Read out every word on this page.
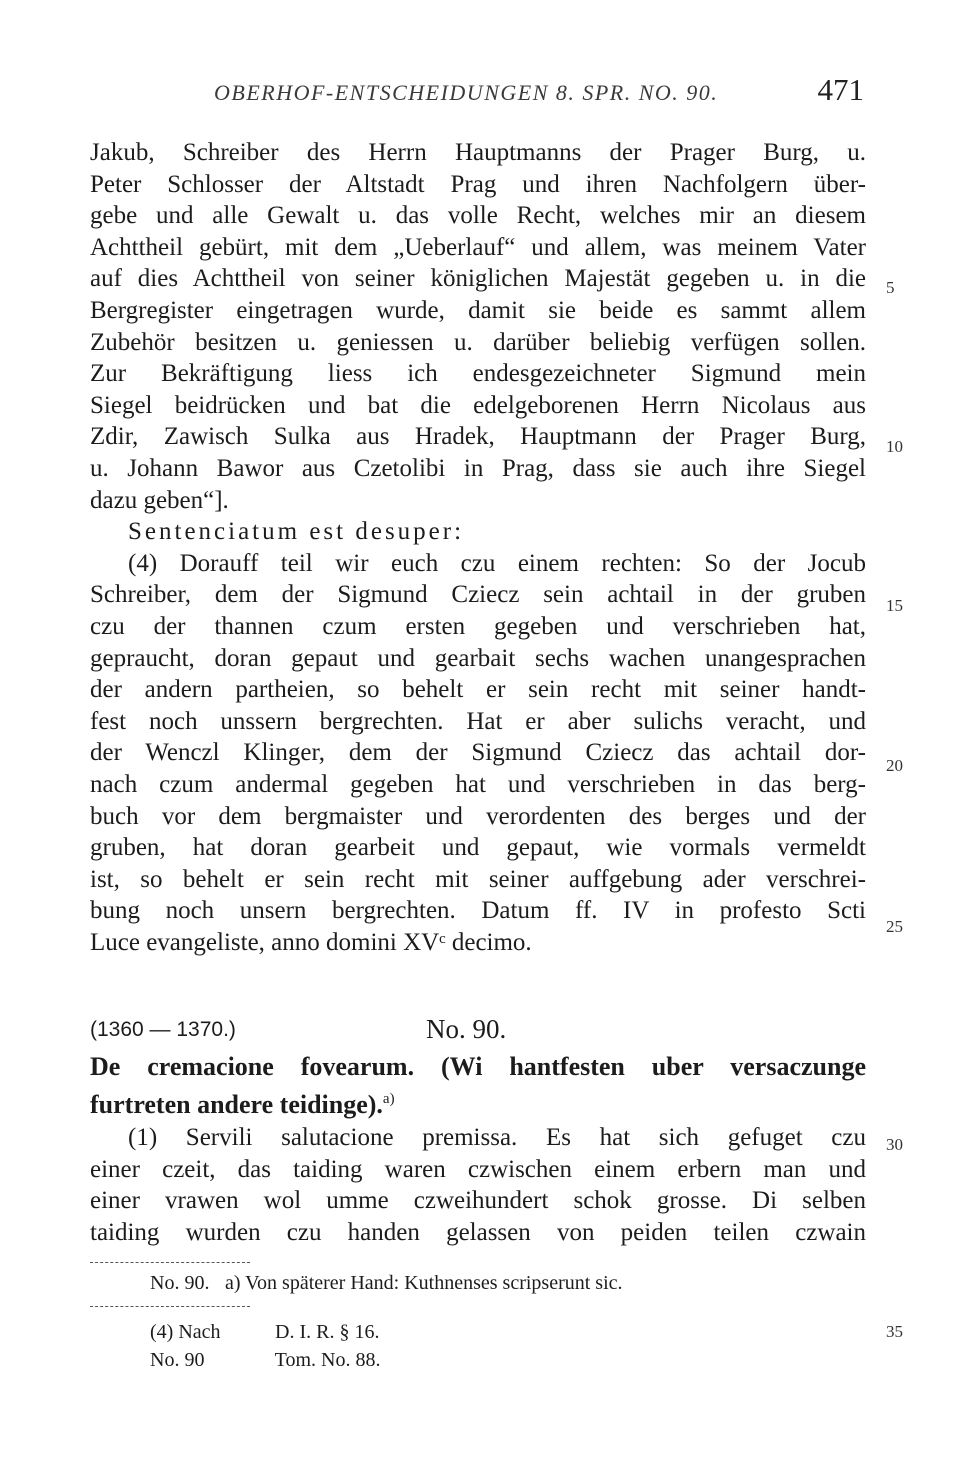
OBERHOF-ENTSCHEIDUNGEN 8. SPR. NO. 90.	471
Jakub, Schreiber des Herrn Hauptmanns der Prager Burg, u.
Peter Schlosser der Altstadt Prag und ihren Nachfolgern über-
gebe und alle Gewalt u. das volle Recht, welches mir an diesem
Achttheil gebürt, mit dem „Ueberlauf“ und allem, was meinem Vater
auf dies Achttheil von seiner königlichen Majestät gegeben u. in die
Bergregister eingetragen wurde, damit sie beide es sammt allem
Zubehör besitzen u. geniessen u. darüber beliebig verfügen sollen.
Zur Bekräftigung liess ich endesgezeichneter Sigmund mein
Siegel beidrücken und bat die edelgeborenen Herrn Nicolaus aus
Zdir, Zawisch Sulka aus Hradek, Hauptmann der Prager Burg,
u. Johann Bawor aus Czetolibi in Prag, dass sie auch ihre Siegel
dazu geben“].
Sentenciatum est desuper:
(4) Dorauff teil wir euch czu einem rechten: So der Jocub
Schreiber, dem der Sigmund Cziecz sein achtail in der gruben
czu der thannen czum ersten gegeben und verschrieben hat,
gepraucht, doran gepaut und gearbait sechs wachen unangesprachen
der andern partheien, so behelt er sein recht mit seiner handt-
fest noch unssern bergrechten. Hat er aber sulichs veracht, und
der Wenczl Klinger, dem der Sigmund Cziecz das achtail dor-
nach czum andermal gegeben hat und verschrieben in das berg-
buch vor dem bergmaister und verordenten des berges und der
gruben, hat doran gearbeit und gepaut, wie vormals vermeldt
ist, so behelt er sein recht mit seiner auffgebung ader verschrei-
bung noch unsern bergrechten. Datum ff. IV in profesto Scti
Luce evangeliste, anno domini XVᶜ decimo.
5
10
15
20
25
(1360 — 1370.)	No. 90.
De cremacione fovearum. (Wi hantfesten uber versaczunge
furtreten andere teidinge).$^{a)}$
(1) Servili salutacione premissa. Es hat sich gefuget czu
einer czeit, das taiding waren czwischen einem erbern man und
einer vrawen wol umme czweihundert schok grosse. Di selben
taiding wurden czu handen gelassen von peiden teilen czwain
30
35
No. 90. a) Von späterer Hand: Kuthnenses scripserunt sic.
(4) Nach	D. I. R. § 16.
No. 90	Tom. No. 88.
